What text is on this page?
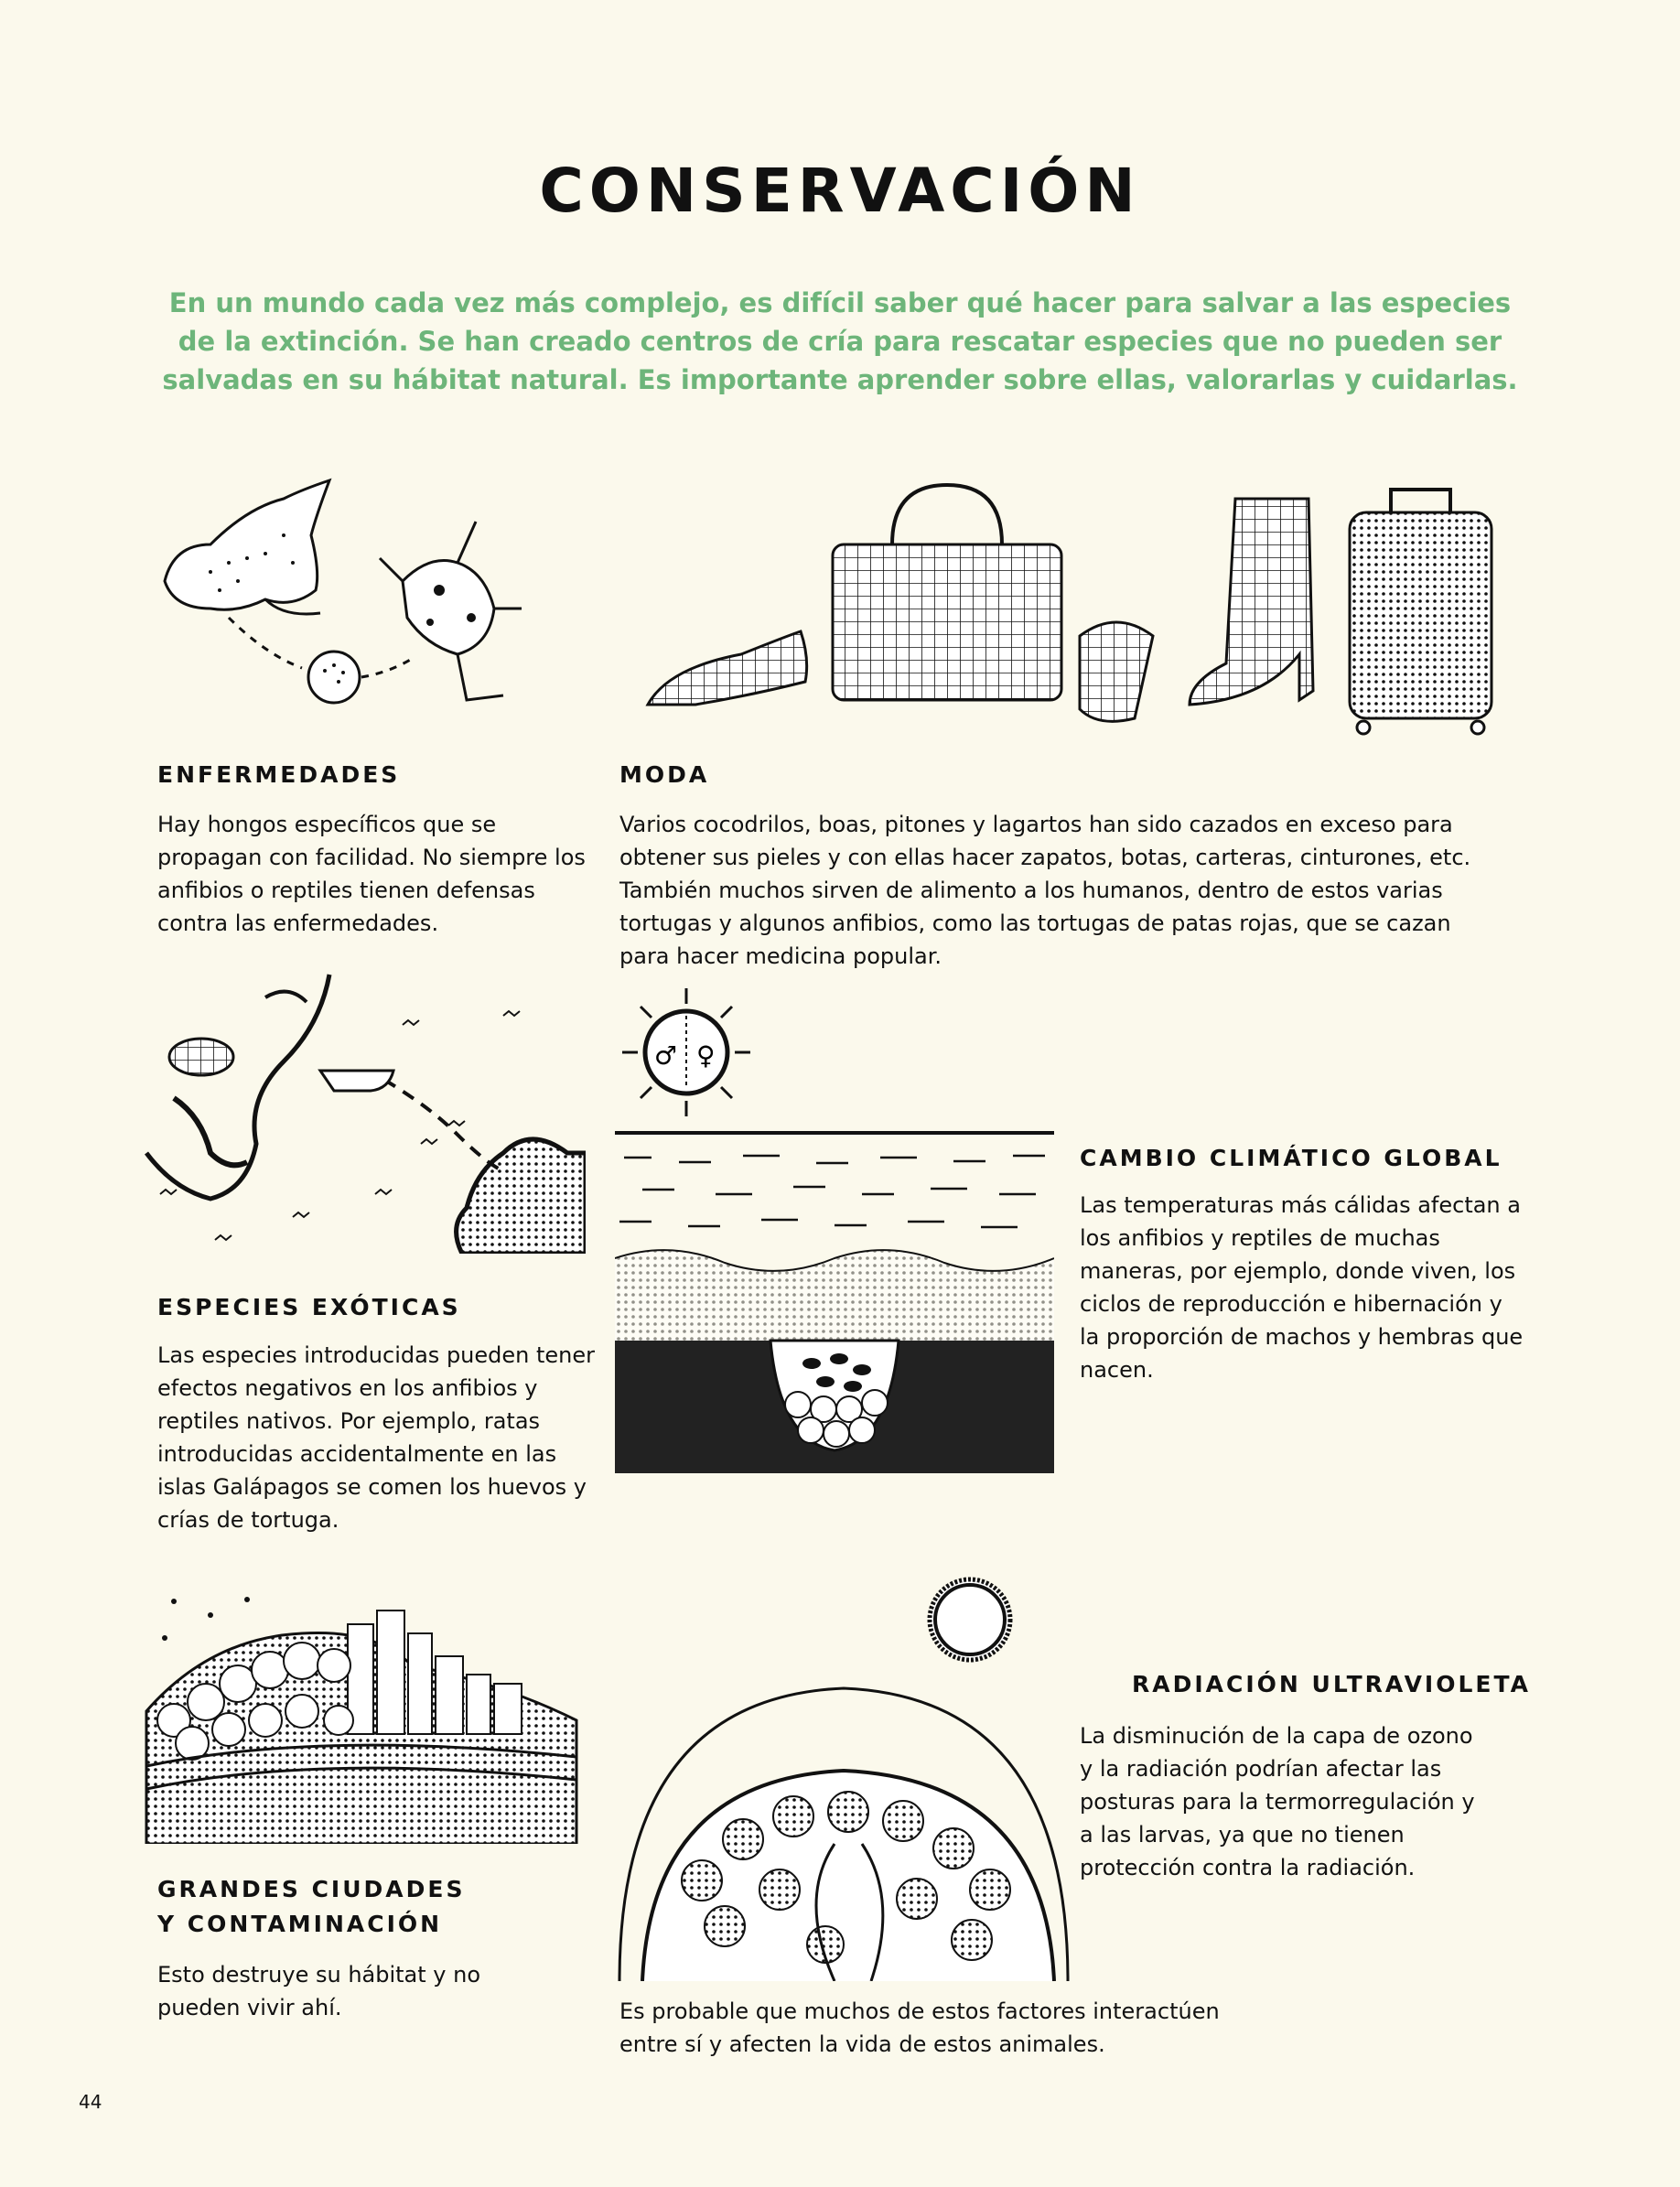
CONSERVACIÓN
En un mundo cada vez más complejo, es difícil saber qué hacer para salvar a las especies de la extinción. Se han creado centros de cría para rescatar especies que no pueden ser salvadas en su hábitat natural. Es importante aprender sobre ellas, valorarlas y cuidarlas.
ENFERMEDADES
Hay hongos específicos que se propagan con facilidad. No siempre los anfibios o reptiles tienen defensas contra las enfermedades.
MODA
Varios cocodrilos, boas, pitones y lagartos han sido cazados en exceso para obtener sus pieles y con ellas hacer zapatos, botas, carteras, cinturones, etc. También muchos sirven de alimento a los humanos, dentro de estos varias tortugas y algunos anfibios, como las tortugas de patas rojas, que se cazan para hacer medicina popular.
♂ ♀
CAMBIO CLIMÁTICO GLOBAL
Las temperaturas más cálidas afectan a los anfibios y reptiles de muchas maneras, por ejemplo, donde viven, los ciclos de reproducción e hibernación y la proporción de machos y hembras que nacen.
ESPECIES EXÓTICAS
Las especies introducidas pueden tener efectos negativos en los anfibios y reptiles nativos. Por ejemplo, ratas introducidas accidentalmente en las islas Galápagos se comen los huevos y crías de tortuga.
GRANDES CIUDADES
Y CONTAMINACIÓN
Esto destruye su hábitat y no pueden vivir ahí.
RADIACIÓN ULTRAVIOLETA
La disminución de la capa de ozono y la radiación podrían afectar las posturas para la termorregulación y a las larvas, ya que no tienen protección contra la radiación.
Es probable que muchos de estos factores interactúen entre sí y afecten la vida de estos animales.
44
